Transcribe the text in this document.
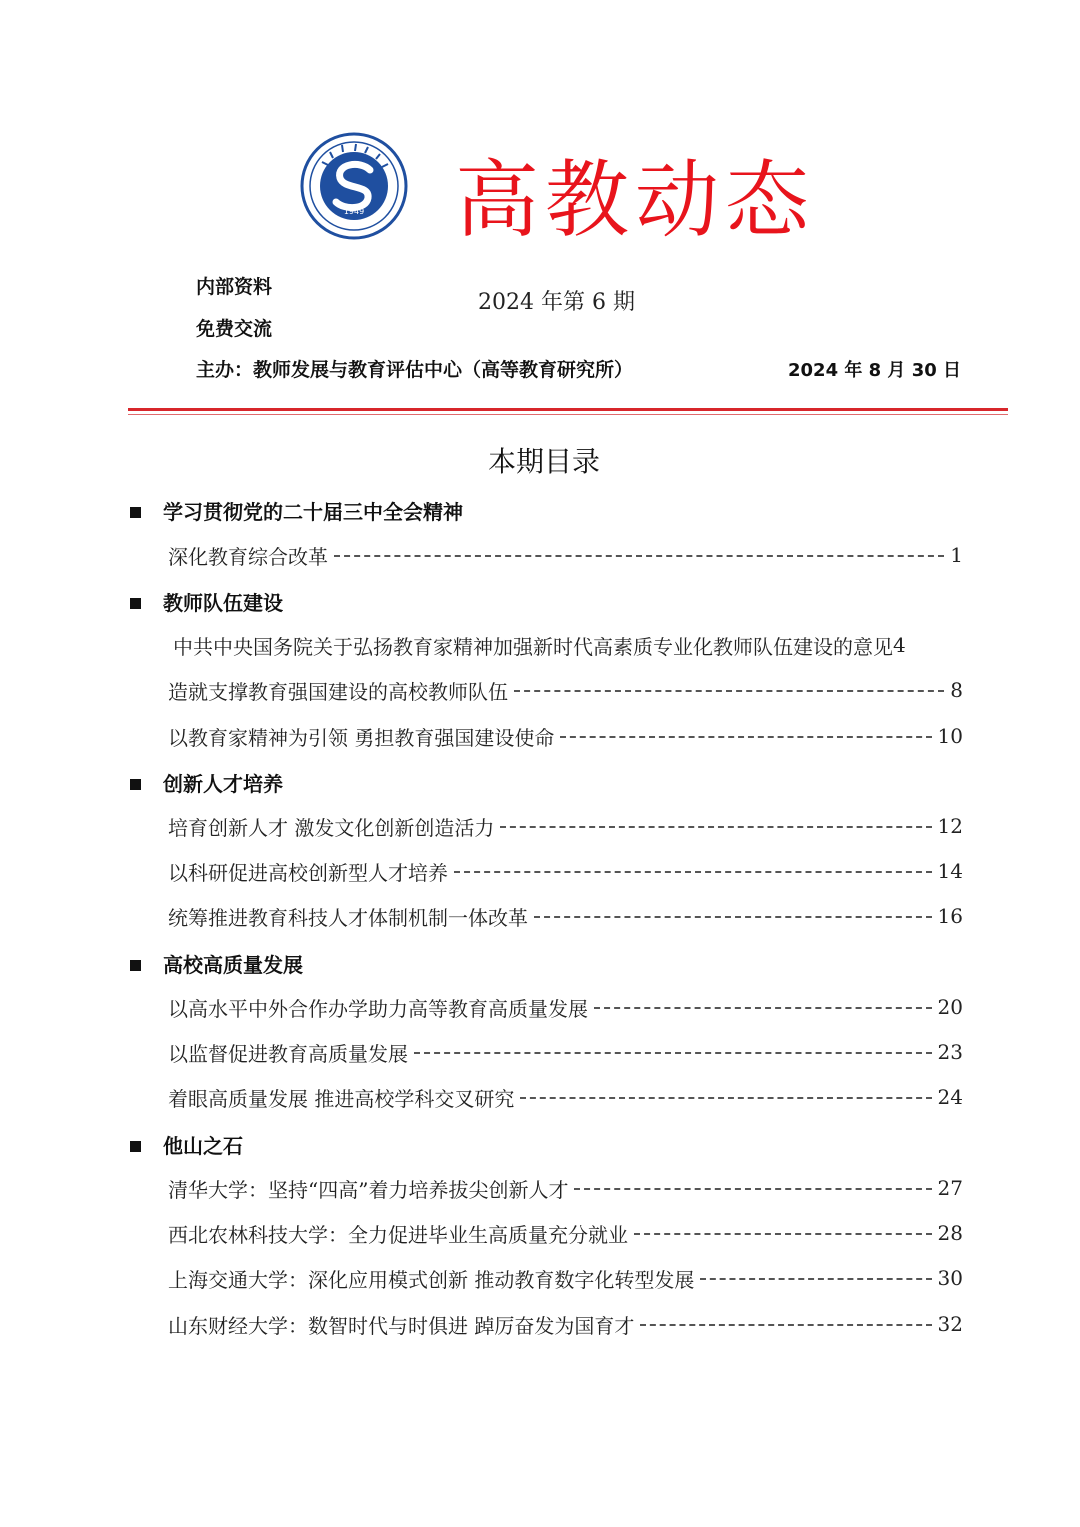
1949 高教动态
内部资料
2024 年第 6 期
免费交流
主办：教师发展与教育评估中心（高等教育研究所）	2024 年 8 月 30 日
本期目录
学习贯彻党的二十届三中全会精神
深化教育综合改革	1
教师队伍建设
中共中央国务院关于弘扬教育家精神加强新时代高素质专业化教师队伍建设的意见 4
造就支撑教育强国建设的高校教师队伍	8
以教育家精神为引领 勇担教育强国建设使命	10
创新人才培养
培育创新人才 激发文化创新创造活力	12
以科研促进高校创新型人才培养	14
统筹推进教育科技人才体制机制一体改革	16
高校高质量发展
以高水平中外合作办学助力高等教育高质量发展	20
以监督促进教育高质量发展	23
着眼高质量发展 推进高校学科交叉研究	24
他山之石
清华大学：坚持“四高”着力培养拔尖创新人才	27
西北农林科技大学：全力促进毕业生高质量充分就业	28
上海交通大学：深化应用模式创新 推动教育数字化转型发展	30
山东财经大学：数智时代与时俱进 踔厉奋发为国育才	32
